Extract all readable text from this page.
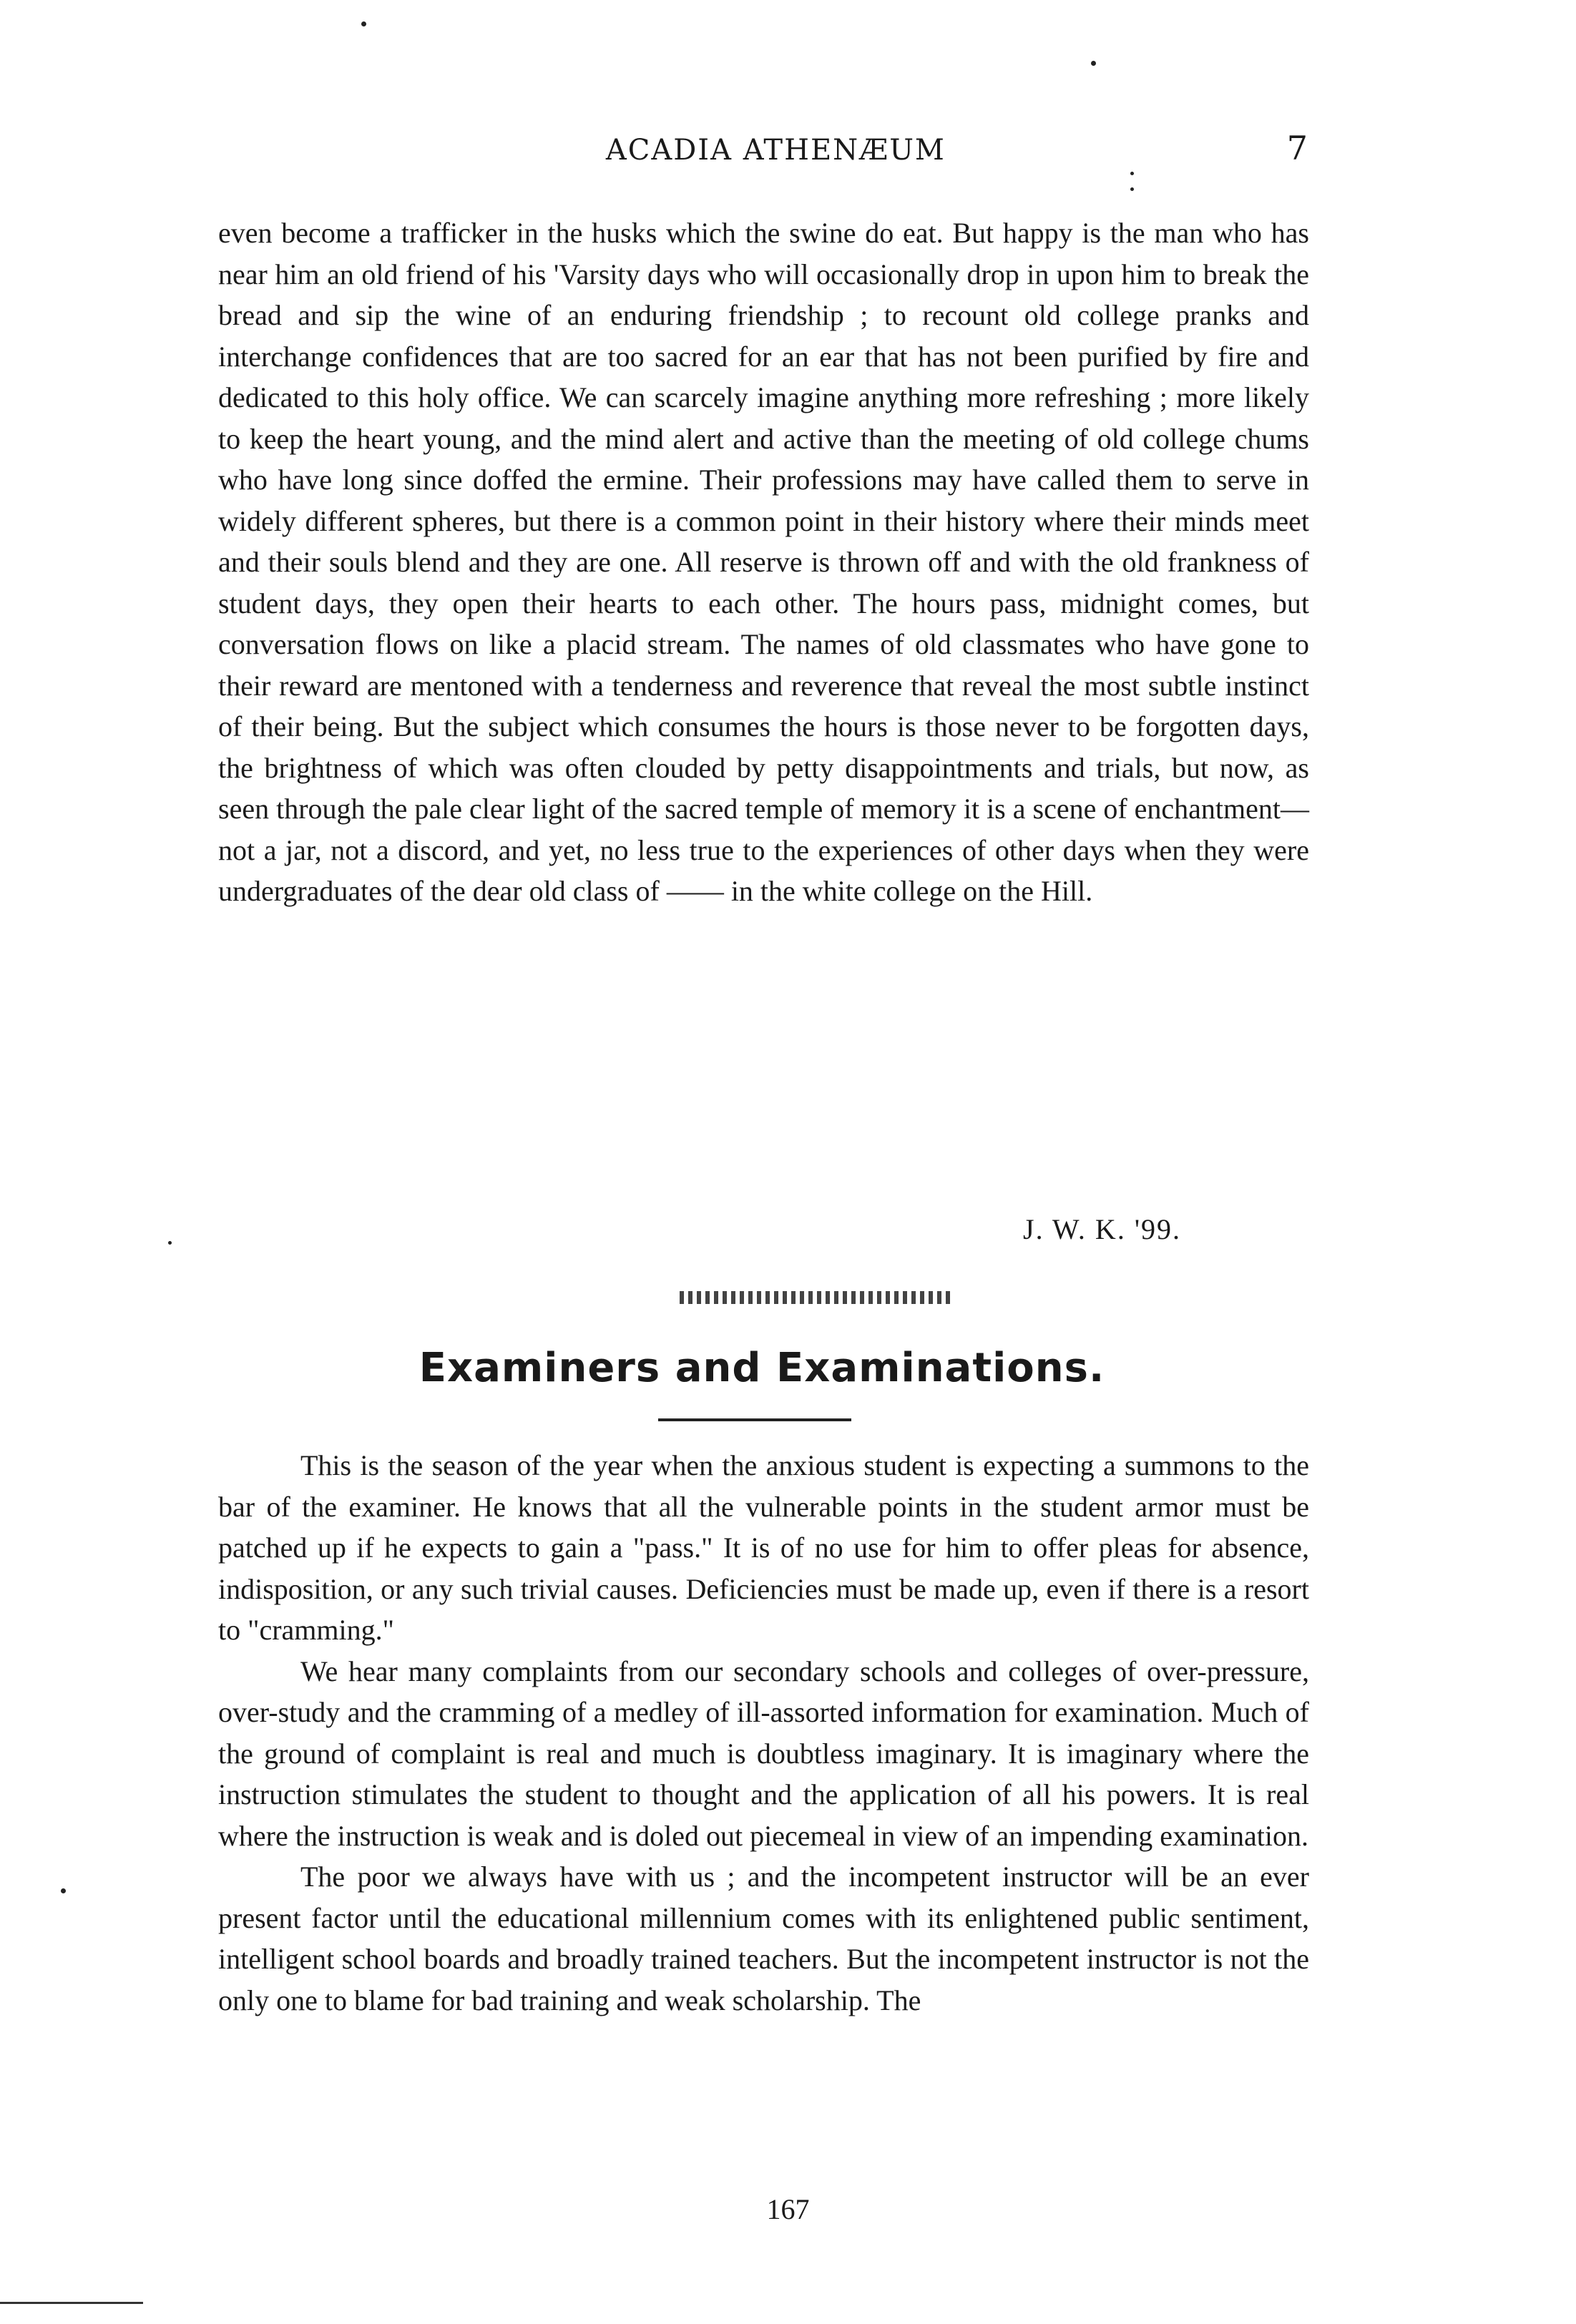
ACADIA ATHENÆUM	7

even become a trafficker in the husks which the swine do eat. But happy is the man who has near him an old friend of his 'Varsity days who will occasionally drop in upon him to break the bread and sip the wine of an enduring friendship ; to recount old college pranks and interchange confidences that are too sacred for an ear that has not been purified by fire and dedicated to this holy office. We can scarcely imagine anything more refreshing ; more likely to keep the heart young, and the mind alert and active than the meeting of old college chums who have long since doffed the ermine. Their professions may have called them to serve in widely different spheres, but there is a common point in their history where their minds meet and their souls blend and they are one. All reserve is thrown off and with the old frankness of student days, they open their hearts to each other. The hours pass, midnight comes, but conversation flows on like a placid stream. The names of old classmates who have gone to their reward are mentoned with a tenderness and reverence that reveal the most subtle instinct of their being. But the subject which consumes the hours is those never to be forgotten days, the brightness of which was often clouded by petty disappointments and trials, but now, as seen through the pale clear light of the sacred temple of memory it is a scene of enchantment—not a jar, not a discord, and yet, no less true to the experiences of other days when they were undergraduates of the dear old class of —— in the white college on the Hill.

J. W. K. '99.
Examiners and Examinations.

This is the season of the year when the anxious student is expecting a summons to the bar of the examiner. He knows that all the vulnerable points in the student armor must be patched up if he expects to gain a "pass." It is of no use for him to offer pleas for absence, indisposition, or any such trivial causes. Deficiencies must be made up, even if there is a resort to "cramming."

We hear many complaints from our secondary schools and colleges of over-pressure, over-study and the cramming of a medley of ill-assorted information for examination. Much of the ground of complaint is real and much is doubtless imaginary. It is imaginary where the instruction stimulates the student to thought and the application of all his powers. It is real where the instruction is weak and is doled out piecemeal in view of an impending examination.

The poor we always have with us ; and the incompetent instructor will be an ever present factor until the educational millennium comes with its enlightened public sentiment, intelligent school boards and broadly trained teachers. But the incompetent instructor is not the only one to blame for bad training and weak scholarship. The

167
